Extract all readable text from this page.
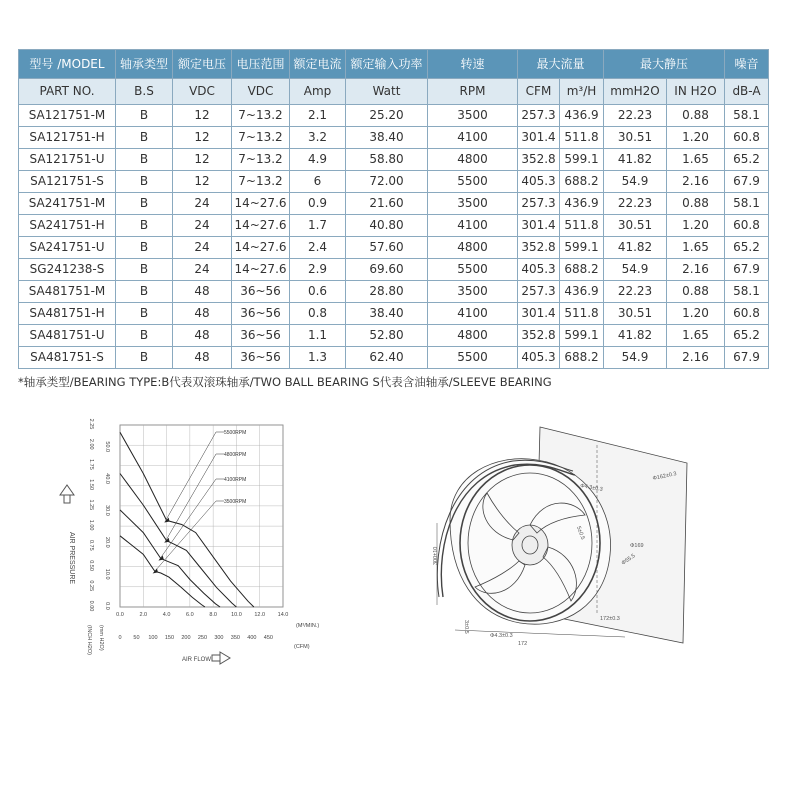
型号 /MODEL	轴承类型	额定电压	电压范围	额定电流	额定输入功率	转速	最大流量		最大静压		噪音
PART NO.	B.S	VDC	VDC	Amp	Watt	RPM	CFM	m³/H	mmH2O	IN H2O	dB-A
SA121751-M	B	12	7~13.2	2.1	25.20	3500	257.3	436.9	22.23	0.88	58.1
SA121751-H	B	12	7~13.2	3.2	38.40	4100	301.4	511.8	30.51	1.20	60.8
SA121751-U	B	12	7~13.2	4.9	58.80	4800	352.8	599.1	41.82	1.65	65.2
SA121751-S	B	12	7~13.2	6	72.00	5500	405.3	688.2	54.9	2.16	67.9
SA241751-M	B	24	14~27.6	0.9	21.60	3500	257.3	436.9	22.23	0.88	58.1
SA241751-H	B	24	14~27.6	1.7	40.80	4100	301.4	511.8	30.51	1.20	60.8
SA241751-U	B	24	14~27.6	2.4	57.60	4800	352.8	599.1	41.82	1.65	65.2
SG241238-S	B	24	14~27.6	2.9	69.60	5500	405.3	688.2	54.9	2.16	67.9
SA481751-M	B	48	36~56	0.6	28.80	3500	257.3	436.9	22.23	0.88	58.1
SA481751-H	B	48	36~56	0.8	38.40	4100	301.4	511.8	30.51	1.20	60.8
SA481751-U	B	48	36~56	1.1	52.80	4800	352.8	599.1	41.82	1.65	65.2
SA481751-S	B	48	36~56	1.3	62.40	5500	405.3	688.2	54.9	2.16	67.9
*轴承类型/BEARING TYPE:B代表双滚珠轴承/TWO BALL BEARING S代表含油轴承/SLEEVE BEARING
5500RPM
4800RPM
4100RPM
3500RPM
0.00
0.25
0.50
0.75
1.00
1.25
1.50
1.75
2.00
2.25
0.0
10.0
20.0
30.0
40.0
50.0
0.0	2.0	4.0	6.0	8.0	10.0 12.0 14.0
0 50 100 150 200 250 300 350 400 450
AIR PRESSURE
(INCH H2O) (mm H2O)	(M³/MIN.)
(CFM)
AIR FLOW
Φ162±0.3
Φ4.3±0.3
Φ169
Φ55.5
Φ4.3±0.3
5±0.5
300±10
172±0.3
172
3±0.5
